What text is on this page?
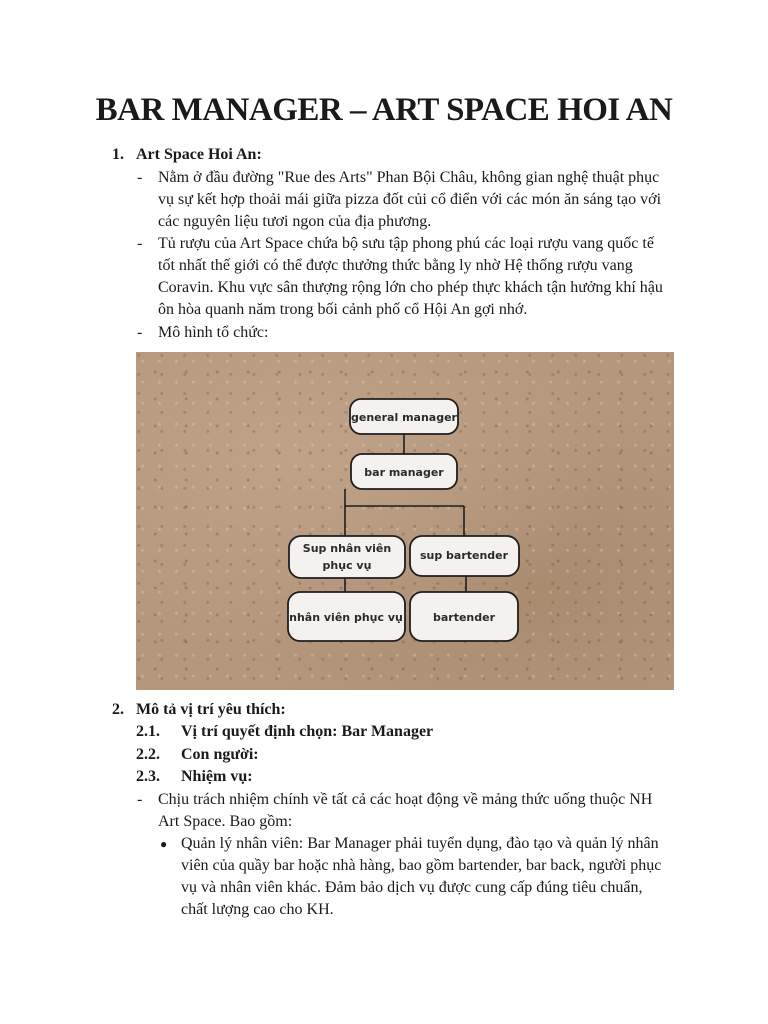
BAR MANAGER – ART SPACE HOI AN
1. Art Space Hoi An:
- Nằm ở đầu đường "Rue des Arts" Phan Bội Châu, không gian nghệ thuật phục
vụ sự kết hợp thoải mái giữa pizza đốt củi cổ điển với các món ăn sáng tạo với
các nguyên liệu tươi ngon của địa phương.
- Tủ rượu của Art Space chứa bộ sưu tập phong phú các loại rượu vang quốc tế
tốt nhất thế giới có thể được thưởng thức bằng ly nhờ Hệ thống rượu vang
Coravin. Khu vực sân thượng rộng lớn cho phép thực khách tận hưởng khí hậu
ôn hòa quanh năm trong bối cảnh phố cổ Hội An gợi nhớ.
- Mô hình tổ chức:
general manager
bar manager
Sup nhân viên
phục vụ
sup bartender
nhân viên phục vụ	bartender
2. Mô tả vị trí yêu thích:
2.1. Vị trí quyết định chọn: Bar Manager
2.2. Con người:
2.3. Nhiệm vụ:
- Chịu trách nhiệm chính về tất cả các hoạt động về mảng thức uống thuộc NH
Art Space. Bao gồm:
● Quản lý nhân viên: Bar Manager phải tuyển dụng, đào tạo và quản lý nhân
viên của quầy bar hoặc nhà hàng, bao gồm bartender, bar back, người phục
vụ và nhân viên khác. Đảm bảo dịch vụ được cung cấp đúng tiêu chuẩn,
chất lượng cao cho KH.
